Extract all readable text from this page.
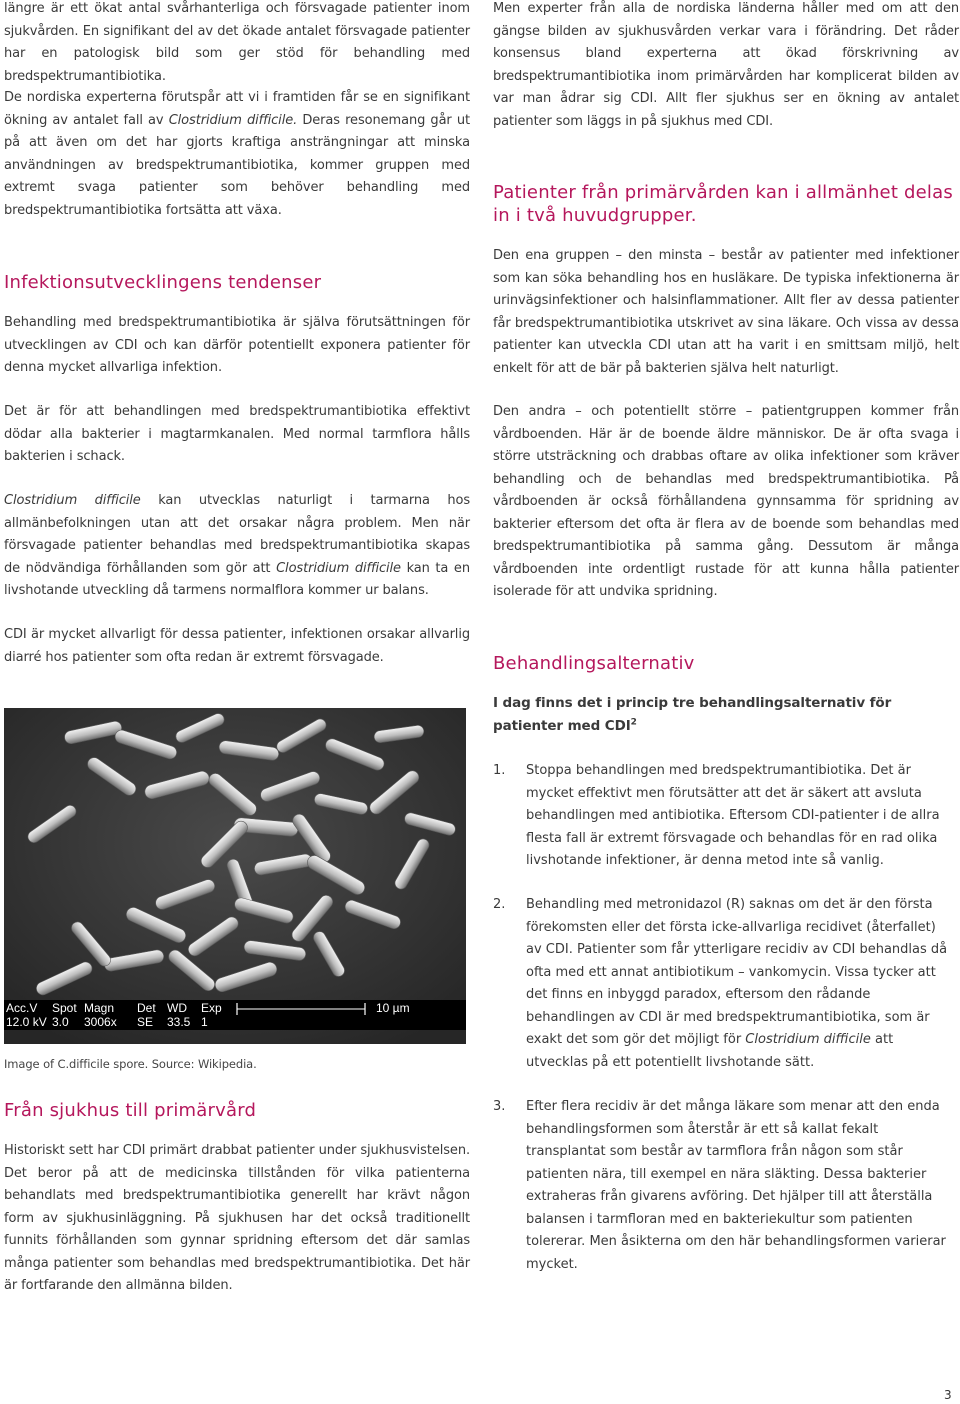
längre är ett ökat antal svårhanterliga och försvagade patienter inom sjukvården. En signifikant del av det ökade antalet försvagade patienter har en patologisk bild som ger stöd för behandling med bredspektrumantibiotika.

De nordiska experterna förutspår att vi i framtiden får se en signifikant ökning av antalet fall av Clostridium difficile. Deras resonemang går ut på att även om det har gjorts kraftiga ansträngningar att minska användningen av bredspektrumantibiotika, kommer gruppen med extremt svaga patienter som behöver behandling med bredspektrumantibiotika fortsätta att växa.

Infektionsutvecklingens tendenser

Behandling med bredspektrumantibiotika är själva förutsättningen för utvecklingen av CDI och kan därför potentiellt exponera patienter för denna mycket allvarliga infektion.

Det är för att behandlingen med bredspektrumantibiotika effektivt dödar alla bakterier i magtarmkanalen. Med normal tarmflora hålls bakterien i schack.

Clostridium difficile kan utvecklas naturligt i tarmarna hos allmänbefolkningen utan att det orsakar några problem. Men när försvagade patienter behandlas med bredspektrumantibiotika skapas de nödvändiga förhållanden som gör att Clostridium difficile kan ta en livshotande utveckling då tarmens normalflora kommer ur balans.

CDI är mycket allvarligt för dessa patienter, infektionen orsakar allvarlig diarré hos patienter som ofta redan är extremt försvagade.

Acc.V Spot Magn Det WD Exp
12.0 kV 3.0 3006x SE 33.5 1
10 µm

Image of C.difficile spore. Source: Wikipedia.

Från sjukhus till primärvård

Historiskt sett har CDI primärt drabbat patienter under sjukhusvistelsen. Det beror på att de medicinska tillstånden för vilka patienterna behandlats med bredspektrumantibiotika generellt har krävt någon form av sjukhusinläggning. På sjukhusen har det också traditionellt funnits förhållanden som gynnar spridning eftersom det där samlas många patienter som behandlas med bredspektrumantibiotika. Det här är fortfarande den allmänna bilden.

Men experter från alla de nordiska länderna håller med om att den gängse bilden av sjukhusvården verkar vara i förändring. Det råder konsensus bland experterna att ökad förskrivning av bredspektrumantibiotika inom primärvården har komplicerat bilden av var man ådrar sig CDI. Allt fler sjukhus ser en ökning av antalet patienter som läggs in på sjukhus med CDI.

Patienter från primärvården kan i allmänhet delas in i två huvudgrupper.

Den ena gruppen – den minsta – består av patienter med infektioner som kan söka behandling hos en husläkare. De typiska infektionerna är urinvägsinfektioner och halsinflammationer. Allt fler av dessa patienter får bredspektrumantibiotika utskrivet av sina läkare. Och vissa av dessa patienter kan utveckla CDI utan att ha varit i en smittsam miljö, helt enkelt för att de bär på bakterien själva helt naturligt.

Den andra – och potentiellt större – patientgruppen kommer från vårdboenden. Här är de boende äldre människor. De är ofta svaga i större utsträckning och drabbas oftare av olika infektioner som kräver behandling och de behandlas med bredspektrumantibiotika. På vårdboenden är också förhållandena gynnsamma för spridning av bakterier eftersom det ofta är flera av de boende som behandlas med bredspektrumantibiotika på samma gång. Dessutom är många vårdboenden inte ordentligt rustade för att kunna hålla patienter isolerade för att undvika spridning.

Behandlingsalternativ

I dag finns det i princip tre behandlingsalternativ för patienter med CDI$^2$

1. Stoppa behandlingen med bredspektrumantibiotika. Det är mycket effektivt men förutsätter att det är säkert att avsluta behandlingen med antibiotika. Eftersom CDI-patienter i de allra flesta fall är extremt försvagade och behandlas för en rad olika livshotande infektioner, är denna metod inte så vanlig.
2. Behandling med metronidazol (R) saknas om det är den första förekomsten eller det första icke-allvarliga recidivet (återfallet) av CDI. Patienter som får ytterligare recidiv av CDI behandlas då ofta med ett annat antibiotikum – vankomycin. Vissa tycker att det finns en inbyggd paradox, eftersom den rådande behandlingen av CDI är med bredspektrumantibiotika, som är exakt det som gör det möjligt för Clostridium difficile att utvecklas på ett potentiellt livshotande sätt.
3. Efter flera recidiv är det många läkare som menar att den enda behandlingsformen som återstår är ett så kallat fekalt transplantat som består av tarmflora från någon som står patienten nära, till exempel en nära släkting. Dessa bakterier extraheras från givarens avföring. Det hjälper till att återställa balansen i tarmfloran med en bakteriekultur som patienten tolererar. Men åsikterna om den här behandlingsformen varierar mycket.
3
